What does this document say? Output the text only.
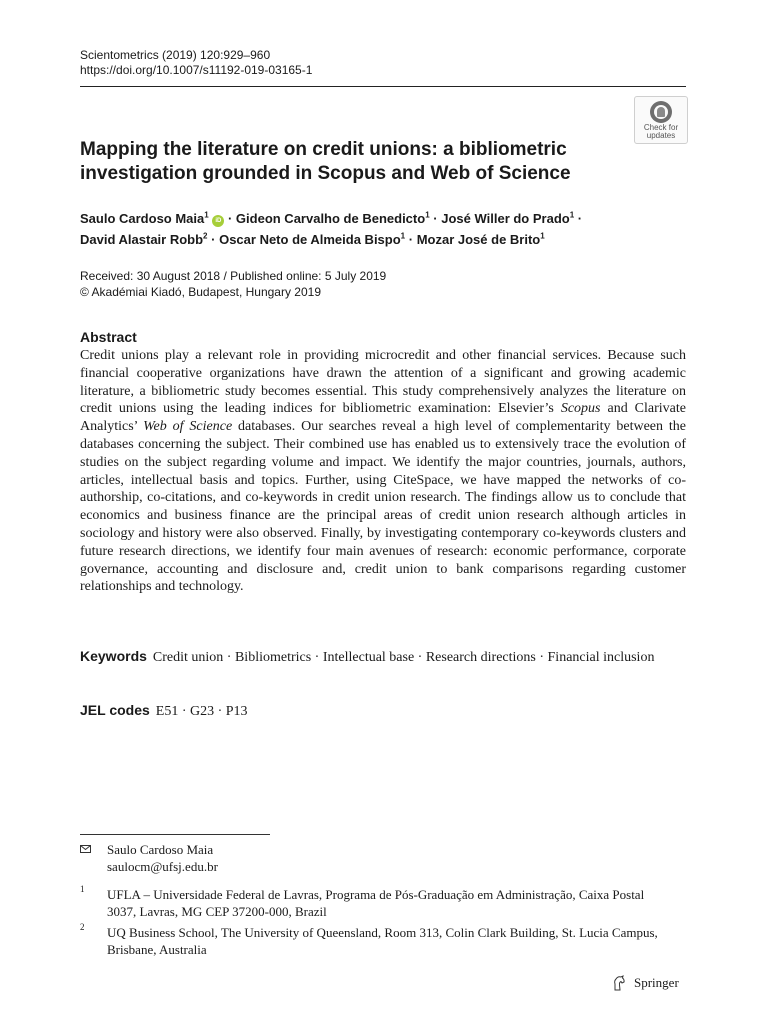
Scientometrics (2019) 120:929–960
https://doi.org/10.1007/s11192-019-03165-1
Check for
updates
Mapping the literature on credit unions: a bibliometric investigation grounded in Scopus and Web of Science
Saulo Cardoso Maia$^1$ iD · Gideon Carvalho de Benedicto$^1$ · José Willer do Prado$^1$ ·
David Alastair Robb$^2$ · Oscar Neto de Almeida Bispo$^1$ · Mozar José de Brito$^1$
Received: 30 August 2018 / Published online: 5 July 2019
© Akadémiai Kiadó, Budapest, Hungary 2019
Abstract

Credit unions play a relevant role in providing microcredit and other financial services. Because such financial cooperative organizations have drawn the attention of a significant and growing academic literature, a bibliometric study becomes essential. This study comprehensively analyzes the literature on credit unions using the leading indices for bibliometric examination: Elsevier’s Scopus and Clarivate Analytics’ Web of Science databases. Our searches reveal a high level of complementarity between the databases concerning the subject. Their combined use has enabled us to extensively trace the evolution of studies on the subject regarding volume and impact. We identify the major countries, journals, authors, articles, intellectual basis and topics. Further, using CiteSpace, we have mapped the networks of co-authorship, co-citations, and co-keywords in credit union research. The findings allow us to conclude that economics and business finance are the principal areas of credit union research although articles in sociology and history were also observed. Finally, by investigating contemporary co-keywords clusters and future research directions, we identify four main avenues of research: economic performance, corporate governance, accounting and disclosure and, credit union to bank comparisons regarding customer relationships and technology.

Keywords Credit union · Bibliometrics · Intellectual base · Research directions · Financial inclusion
JEL codes E51 · G23 · P13
Saulo Cardoso Maia
saulocm@ufsj.edu.br
1 UFLA – Universidade Federal de Lavras, Programa de Pós-Graduação em Administração, Caixa Postal 3037, Lavras, MG CEP 37200-000, Brazil
2 UQ Business School, The University of Queensland, Room 313, Colin Clark Building, St. Lucia Campus, Brisbane, Australia
Springer
